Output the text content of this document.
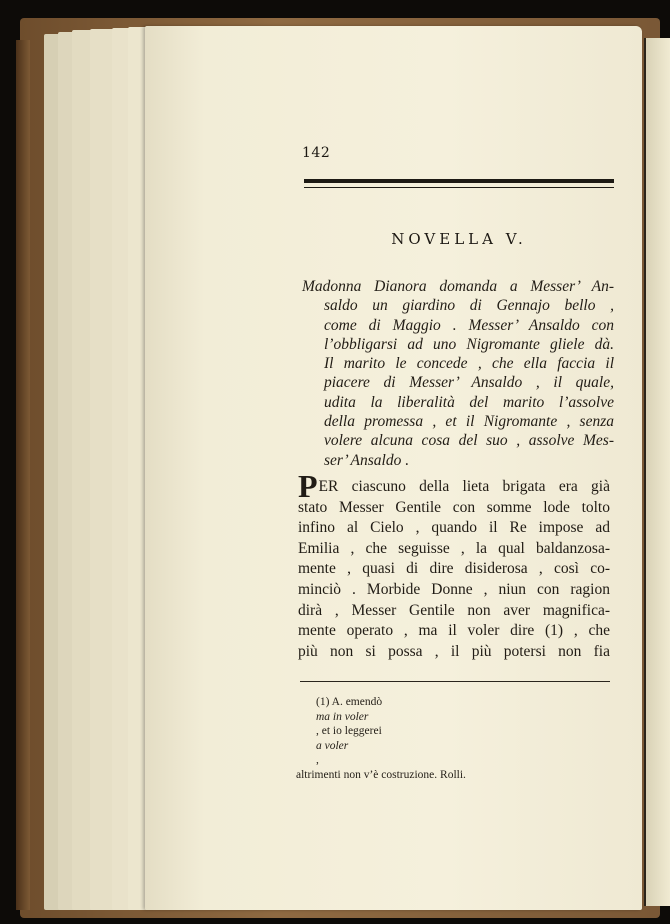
142
NOVELLA V.
Madonna Dianora domanda a Messer’ An-
saldo un giardino di Gennajo bello ,
come di Maggio . Messer’ Ansaldo con
l’obbligarsi ad uno Nigromante gliele dà.
Il marito le concede , che ella faccia il
piacere di Messer’ Ansaldo , il quale,
udita la liberalità del marito l’assolve
della promessa , et il Nigromante , senza
volere alcuna cosa del suo , assolve Mes-
ser’ Ansaldo .
PER ciascuno della lieta brigata era già
stato Messer Gentile con somme lode tolto
infino al Cielo , quando il Re impose ad
Emilia , che seguisse , la qual baldanzosa-
mente , quasi di dire disiderosa , così co-
minciò . Morbide Donne , niun con ragion
dirà , Messer Gentile non aver magnifica-
mente operato , ma il voler dire (1) , che
più non si possa , il più potersi non fia
(1) A. emendò
ma in voler
, et io leggerei
a voler
,
altrimenti non v’è costruzione. Rolli.
